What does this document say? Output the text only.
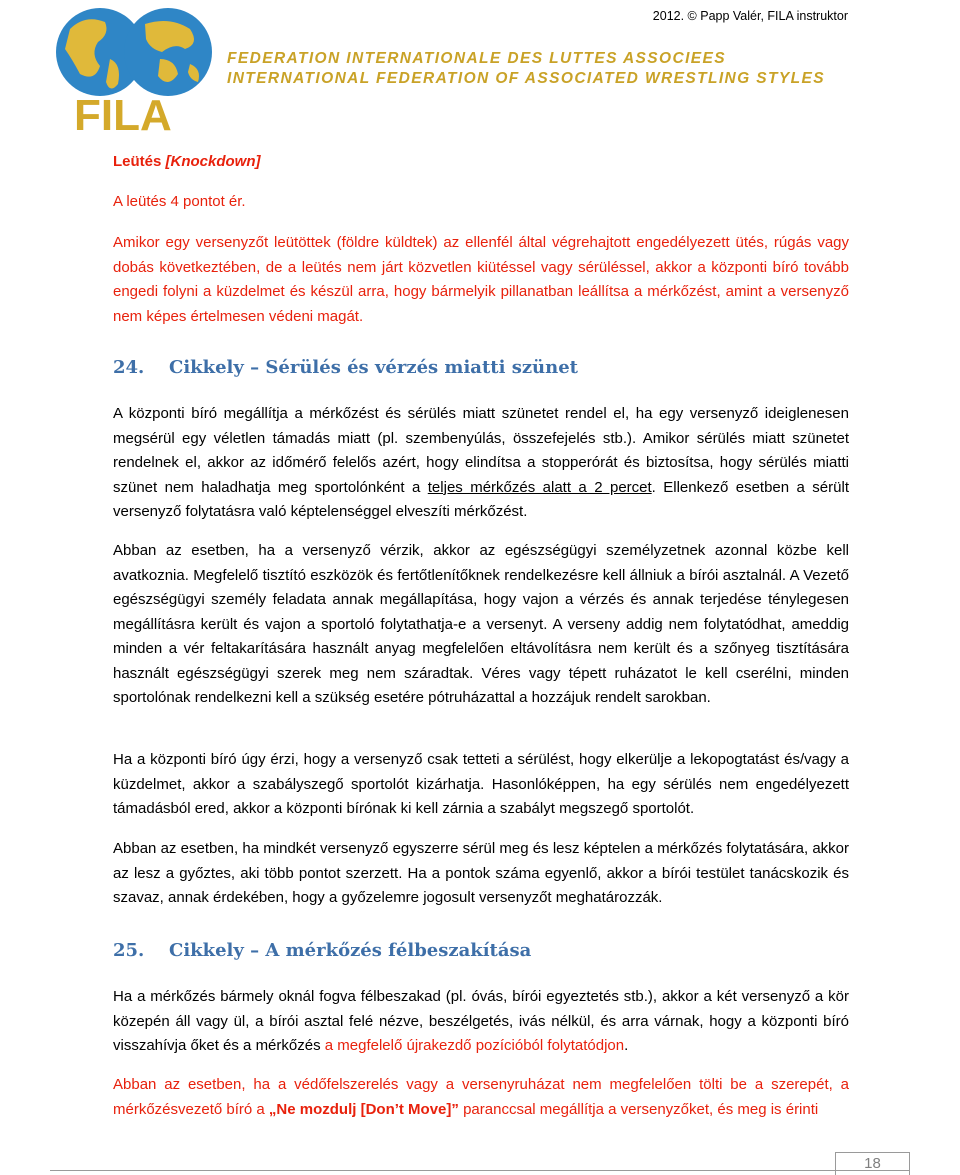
2012. © Papp Valér, FILA instruktor
FILA
FEDERATION INTERNATIONALE DES LUTTES ASSOCIEES
INTERNATIONAL FEDERATION OF ASSOCIATED WRESTLING STYLES
Leütés [Knockdown]
A leütés 4 pontot ér.

Amikor egy versenyzőt leütöttek (földre küldtek) az ellenfél által végrehajtott engedélyezett ütés, rúgás vagy dobás következtében, de a leütés nem járt közvetlen kiütéssel vagy sérüléssel, akkor a központi bíró tovább engedi folyni a küzdelmet és készül arra, hogy bármelyik pillanatban leállítsa a mérkőzést, amint a versenyző nem képes értelmesen védeni magát.

24. Cikkely – Sérülés és vérzés miatti szünet

A központi bíró megállítja a mérkőzést és sérülés miatt szünetet rendel el, ha egy versenyző ideiglenesen megsérül egy véletlen támadás miatt (pl. szembenyúlás, összefejelés stb.). Amikor sérülés miatt szünetet rendelnek el, akkor az időmérő felelős azért, hogy elindítsa a stopperórát és biztosítsa, hogy sérülés miatti szünet nem haladhatja meg sportolónként a teljes mérkőzés alatt a 2 percet. Ellenkező esetben a sérült versenyző folytatásra való képtelenséggel elveszíti mérkőzést.

Abban az esetben, ha a versenyző vérzik, akkor az egészségügyi személyzetnek azonnal közbe kell avatkoznia. Megfelelő tisztító eszközök és fertőtlenítőknek rendelkezésre kell állniuk a bírói asztalnál. A Vezető egészségügyi személy feladata annak megállapítása, hogy vajon a vérzés és annak terjedése ténylegesen megállításra került és vajon a sportoló folytathatja-e a versenyt. A verseny addig nem folytatódhat, ameddig minden a vér feltakarítására használt anyag megfelelően eltávolításra nem került és a szőnyeg tisztítására használt egészségügyi szerek meg nem száradtak. Véres vagy tépett ruházatot le kell cserélni, minden sportolónak rendelkezni kell a szükség esetére pótruházattal a hozzájuk rendelt sarokban.

Ha a központi bíró úgy érzi, hogy a versenyző csak tetteti a sérülést, hogy elkerülje a lekopogtatást és/vagy a küzdelmet, akkor a szabályszegő sportolót kizárhatja. Hasonlóképpen, ha egy sérülés nem engedélyezett támadásból ered, akkor a központi bírónak ki kell zárnia a szabályt megszegő sportolót.

Abban az esetben, ha mindkét versenyző egyszerre sérül meg és lesz képtelen a mérkőzés folytatására, akkor az lesz a győztes, aki több pontot szerzett. Ha a pontok száma egyenlő, akkor a bírói testület tanácskozik és szavaz, annak érdekében, hogy a győzelemre jogosult versenyzőt meghatározzák.

25. Cikkely – A mérkőzés félbeszakítása

Ha a mérkőzés bármely oknál fogva félbeszakad (pl. óvás, bírói egyeztetés stb.), akkor a két versenyző a kör közepén áll vagy ül, a bírói asztal felé nézve, beszélgetés, ivás nélkül, és arra várnak, hogy a központi bíró visszahívja őket és a mérkőzés a megfelelő újrakezdő pozícióból folytatódjon.

Abban az esetben, ha a védőfelszerelés vagy a versenyruházat nem megfelelően tölti be a szerepét, a mérkőzésvezető bíró a „Ne mozdulj [Don’t Move]” paranccsal megállítja a versenyzőket, és meg is érinti

18
